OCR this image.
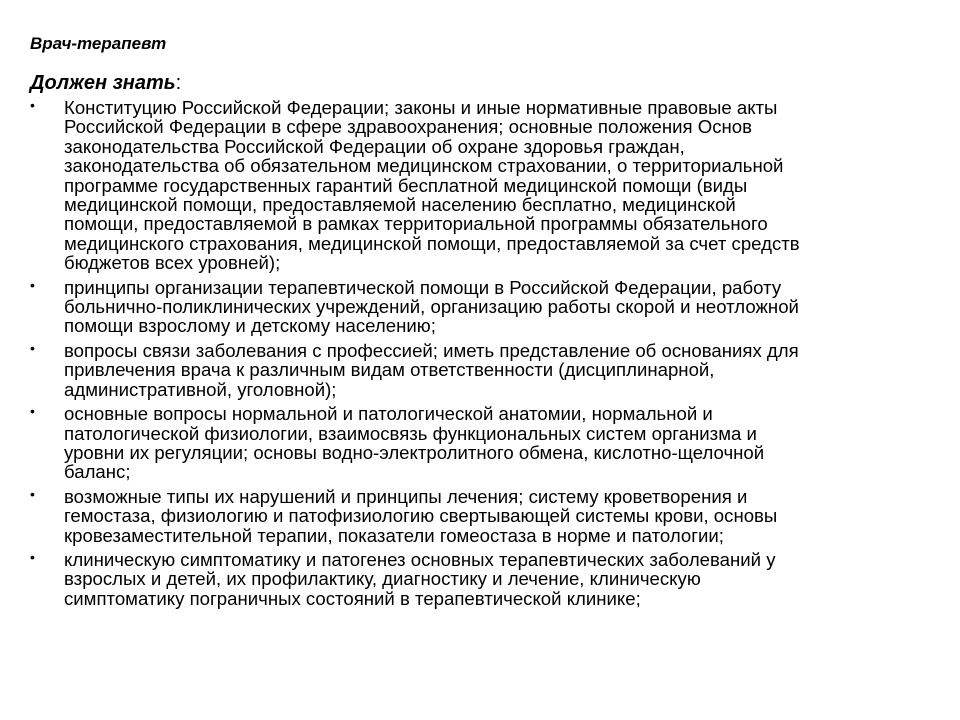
Врач-терапевт
Должен знать:
• Конституцию Российской Федерации; законы и иные нормативные правовые акты
Российской Федерации в сфере здравоохранения; основные положения Основ
законодательства Российской Федерации об охране здоровья граждан,
законодательства об обязательном медицинском страховании, о территориальной
программе государственных гарантий бесплатной медицинской помощи (виды
медицинской помощи, предоставляемой населению бесплатно, медицинской
помощи, предоставляемой в рамках территориальной программы обязательного
медицинского страхования, медицинской помощи, предоставляемой за счет средств
бюджетов всех уровней);
• принципы организации терапевтической помощи в Российской Федерации, работу
больнично-поликлинических учреждений, организацию работы скорой и неотложной
помощи взрослому и детскому населению;
• вопросы связи заболевания с профессией; иметь представление об основаниях для
привлечения врача к различным видам ответственности (дисциплинарной,
административной, уголовной);
• основные вопросы нормальной и патологической анатомии, нормальной и
патологической физиологии, взаимосвязь функциональных систем организма и
уровни их регуляции; основы водно-электролитного обмена, кислотно-щелочной
баланс;
• возможные типы их нарушений и принципы лечения; систему кроветворения и
гемостаза, физиологию и патофизиологию свертывающей системы крови, основы
кровезаместительной терапии, показатели гомеостаза в норме и патологии;
• клиническую симптоматику и патогенез основных терапевтических заболеваний у
взрослых и детей, их профилактику, диагностику и лечение, клиническую
симптоматику пограничных состояний в терапевтической клинике;
